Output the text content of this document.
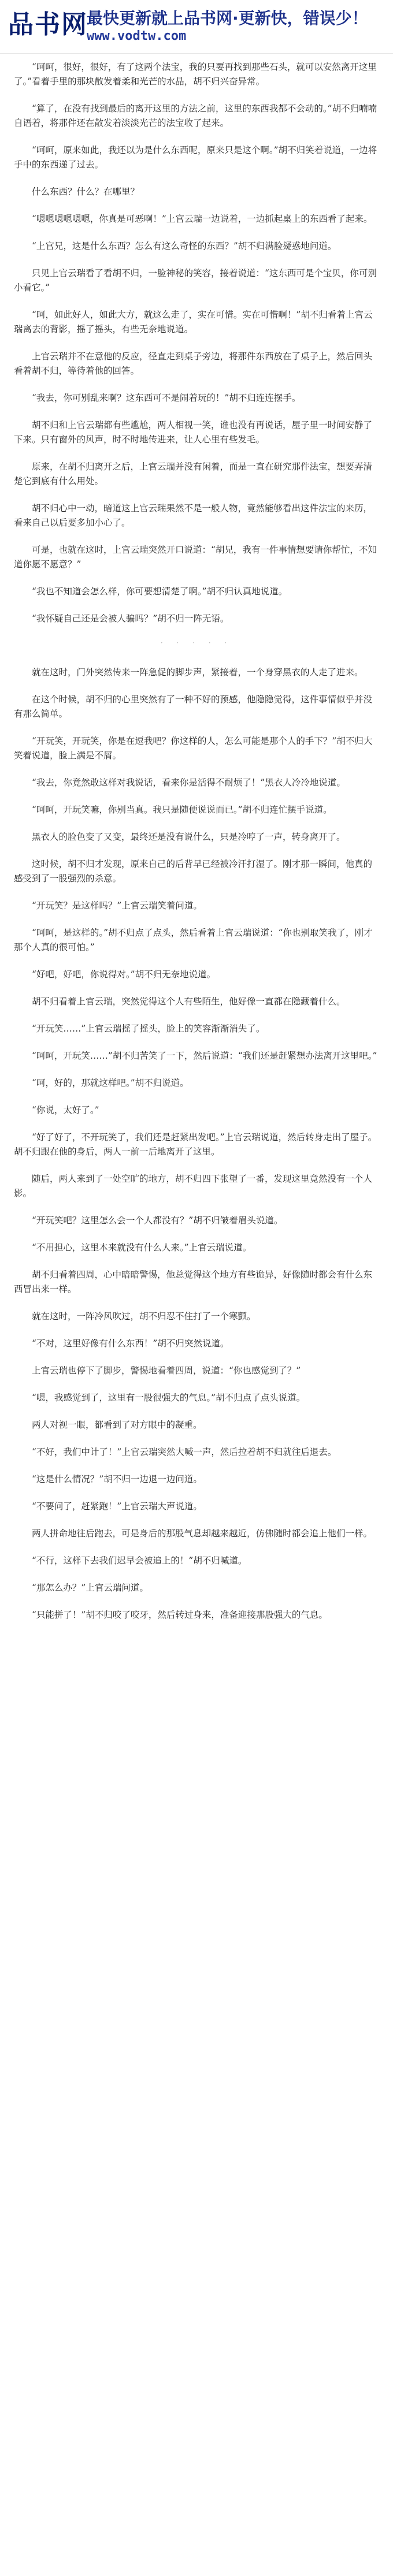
品书网
最快更新就上品书网·更新快，错误少！
www.vodtw.com

“呵呵，很好，很好，有了这两个法宝，我的只要再找到那些石头，就可以安然离开这里了。”看着手里的那块散发着柔和光芒的水晶，胡不归兴奋异常。

“算了，在没有找到最后的离开这里的方法之前，这里的东西我都不会动的。”胡不归喃喃自语着，将那件还在散发着淡淡光芒的法宝收了起来。

“呵呵，原来如此，我还以为是什么东西呢，原来只是这个啊。”胡不归笑着说道，一边将手中的东西递了过去。

什么东西？什么？在哪里？

“嗯嗯嗯嗯嗯嗯，你真是可恶啊！”上官云瑞一边说着，一边抓起桌上的东西看了起来。

“上官兄，这是什么东西？怎么有这么奇怪的东西？”胡不归满脸疑惑地问道。

只见上官云瑞看了看胡不归，一脸神秘的笑容，接着说道：“这东西可是个宝贝，你可别小看它。”

“呵，如此好人，如此大方，就这么走了，实在可惜。实在可惜啊！”胡不归看着上官云瑞离去的背影，摇了摇头，有些无奈地说道。

上官云瑞并不在意他的反应，径直走到桌子旁边，将那件东西放在了桌子上，然后回头看着胡不归，等待着他的回答。

“我去，你可别乱来啊？这东西可不是闹着玩的！”胡不归连连摆手。

胡不归和上官云瑞都有些尴尬，两人相视一笑，谁也没有再说话，屋子里一时间安静了下来。只有窗外的风声，时不时地传进来，让人心里有些发毛。

原来，在胡不归离开之后，上官云瑞并没有闲着，而是一直在研究那件法宝，想要弄清楚它到底有什么用处。

胡不归心中一动，暗道这上官云瑞果然不是一般人物，竟然能够看出这件法宝的来历，看来自己以后要多加小心了。

可是，也就在这时，上官云瑞突然开口说道：“胡兄，我有一件事情想要请你帮忙，不知道你愿不愿意？”

“我也不知道会怎么样，你可要想清楚了啊。”胡不归认真地说道。

“我怀疑自己还是会被人骗吗？”胡不归一阵无语。

· · · · ·

就在这时，门外突然传来一阵急促的脚步声，紧接着，一个身穿黑衣的人走了进来。

在这个时候，胡不归的心里突然有了一种不好的预感，他隐隐觉得，这件事情似乎并没有那么简单。

“开玩笑，开玩笑，你是在逗我吧？你这样的人，怎么可能是那个人的手下？”胡不归大笑着说道，脸上满是不屑。

“我去，你竟然敢这样对我说话，看来你是活得不耐烦了！”黑衣人冷冷地说道。

“呵呵，开玩笑嘛，你别当真。我只是随便说说而已。”胡不归连忙摆手说道。

黑衣人的脸色变了又变，最终还是没有说什么，只是冷哼了一声，转身离开了。

这时候，胡不归才发现，原来自己的后背早已经被冷汗打湿了。刚才那一瞬间，他真的感受到了一股强烈的杀意。

“开玩笑？是这样吗？”上官云瑞笑着问道。

“呵呵，是这样的。”胡不归点了点头，然后看着上官云瑞说道：“你也别取笑我了，刚才那个人真的很可怕。”

“好吧，好吧，你说得对。”胡不归无奈地说道。

胡不归看着上官云瑞，突然觉得这个人有些陌生，他好像一直都在隐藏着什么。

“开玩笑……”上官云瑞摇了摇头，脸上的笑容渐渐消失了。

“呵呵，开玩笑……”胡不归苦笑了一下，然后说道：“我们还是赶紧想办法离开这里吧。”

“呵，好的，那就这样吧。”胡不归说道。

“你说，太好了。”

“好了好了，不开玩笑了，我们还是赶紧出发吧。”上官云瑞说道，然后转身走出了屋子。胡不归跟在他的身后，两人一前一后地离开了这里。

随后，两人来到了一处空旷的地方，胡不归四下张望了一番，发现这里竟然没有一个人影。

“开玩笑吧？这里怎么会一个人都没有？”胡不归皱着眉头说道。

“不用担心，这里本来就没有什么人来。”上官云瑞说道。

胡不归看着四周，心中暗暗警惕，他总觉得这个地方有些诡异，好像随时都会有什么东西冒出来一样。

就在这时，一阵冷风吹过，胡不归忍不住打了一个寒颤。

“不对，这里好像有什么东西！”胡不归突然说道。

上官云瑞也停下了脚步，警惕地看着四周，说道：“你也感觉到了？”

“嗯，我感觉到了，这里有一股很强大的气息。”胡不归点了点头说道。

两人对视一眼，都看到了对方眼中的凝重。

“不好，我们中计了！”上官云瑞突然大喊一声，然后拉着胡不归就往后退去。

“这是什么情况？”胡不归一边退一边问道。

“不要问了，赶紧跑！”上官云瑞大声说道。

两人拼命地往后跑去，可是身后的那股气息却越来越近，仿佛随时都会追上他们一样。

“不行，这样下去我们迟早会被追上的！”胡不归喊道。

“那怎么办？”上官云瑞问道。

“只能拼了！”胡不归咬了咬牙，然后转过身来，准备迎接那股强大的气息。
